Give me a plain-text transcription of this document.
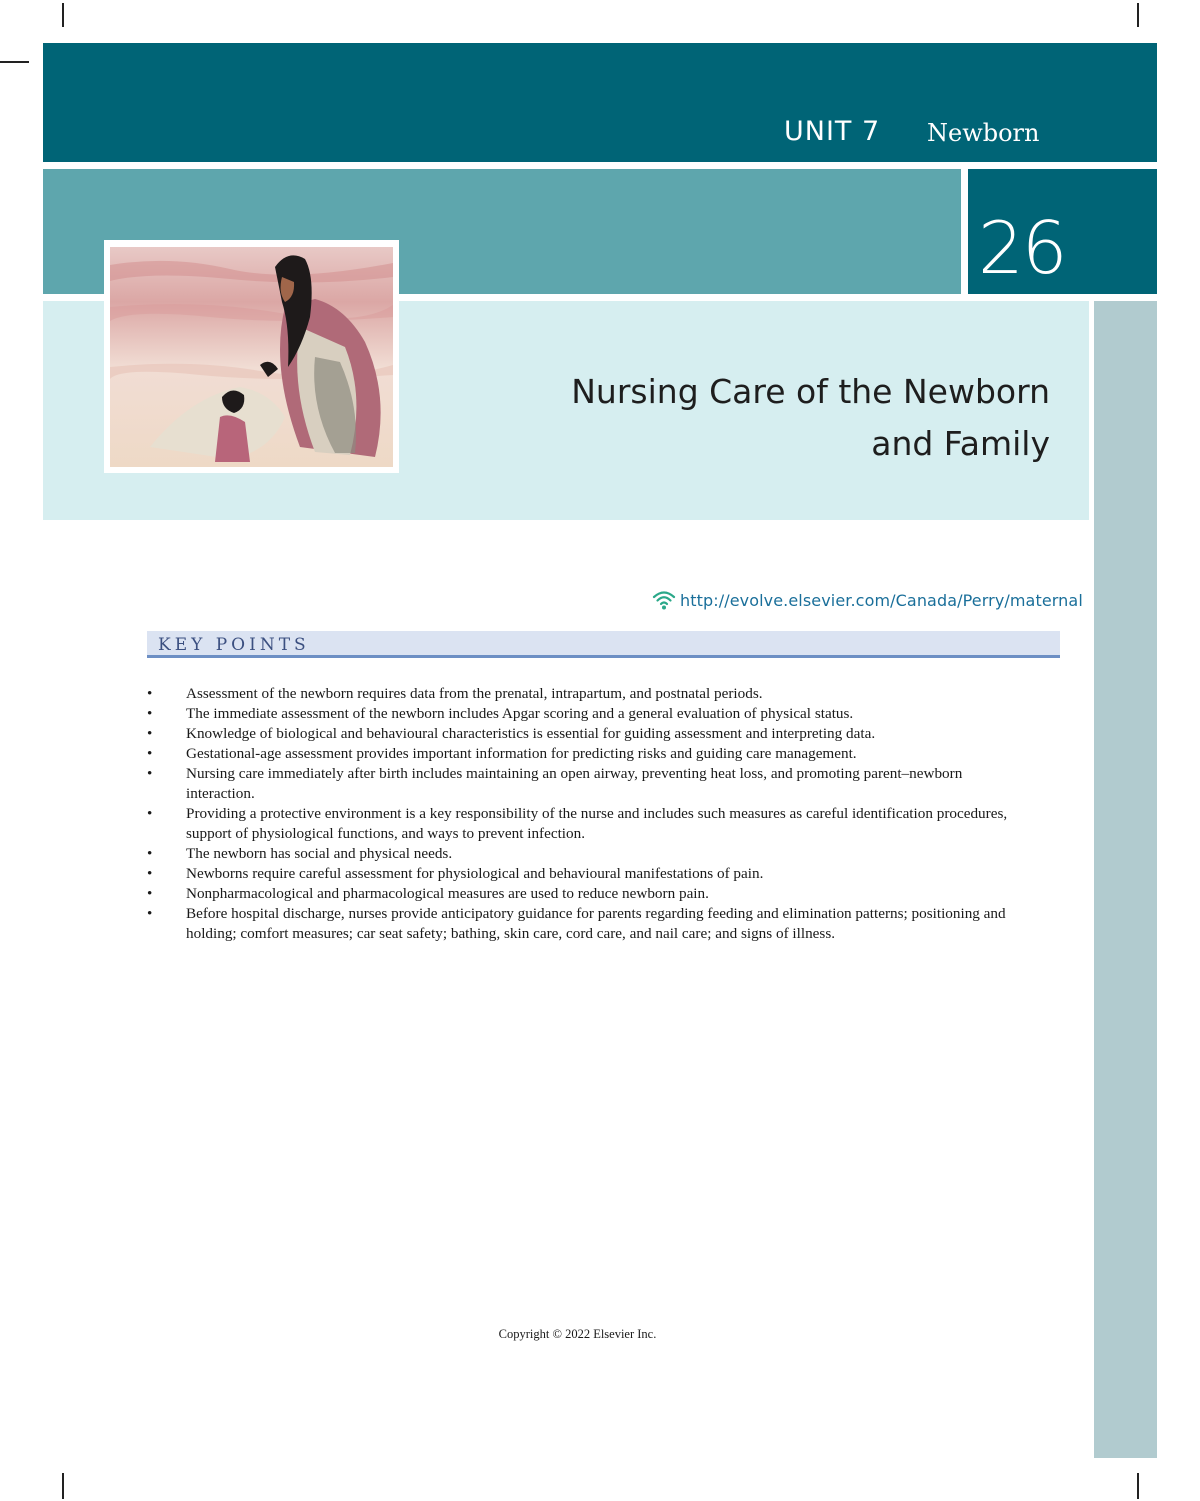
UNIT 7 Newborn
26
Nursing Care of the Newborn
and Family
http://evolve.elsevier.com/Canada/Perry/maternal
KEY POINTS
• Assessment of the newborn requires data from the prenatal, intrapartum, and postnatal periods.
• The immediate assessment of the newborn includes Apgar scoring and a general evaluation of physical status.
• Knowledge of biological and behavioural characteristics is essential for guiding assessment and interpreting data.
• Gestational-age assessment provides important information for predicting risks and guiding care management.
• Nursing care immediately after birth includes maintaining an open airway, preventing heat loss, and promoting parent–newborn interaction.
• Providing a protective environment is a key responsibility of the nurse and includes such measures as careful identification procedures, support of physiological functions, and ways to prevent infection.
• The newborn has social and physical needs.
• Newborns require careful assessment for physiological and behavioural manifestations of pain.
• Nonpharmacological and pharmacological measures are used to reduce newborn pain.
• Before hospital discharge, nurses provide anticipatory guidance for parents regarding feeding and elimination patterns; positioning and holding; comfort measures; car seat safety; bathing, skin care, cord care, and nail care; and signs of illness.
Copyright © 2022 Elsevier Inc.
